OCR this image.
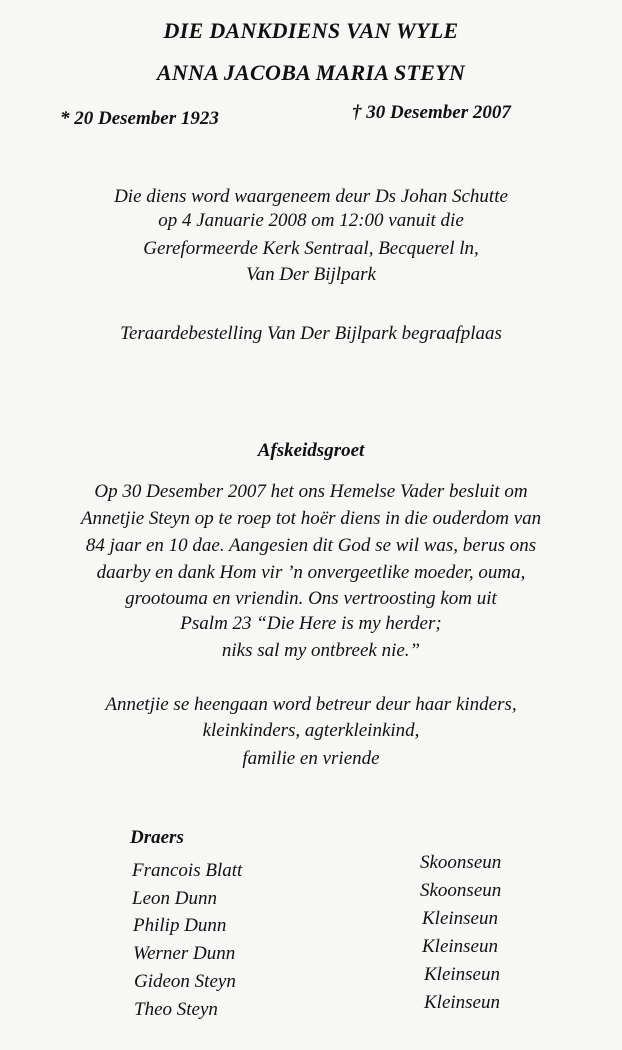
DIE DANKDIENS VAN WYLE
ANNA JACOBA MARIA STEYN
* 20 Desember 1923	† 30 Desember 2007
Die diens word waargeneem deur Ds Johan Schutte
op 4 Januarie 2008 om 12:00 vanuit die
Gereformeerde Kerk Sentraal, Becquerel ln,
Van Der Bijlpark
Teraardebestelling Van Der Bijlpark begraafplaas
Afskeidsgroet
Op 30 Desember 2007 het ons Hemelse Vader besluit om
Annetjie Steyn op te roep tot hoër diens in die ouderdom van
84 jaar en 10 dae. Aangesien dit God se wil was, berus ons
daarby en dank Hom vir ’n onvergeetlike moeder, ouma,
grootouma en vriendin. Ons vertroosting kom uit
Psalm 23 “Die Here is my herder;
niks sal my ontbreek nie.”
Annetjie se heengaan word betreur deur haar kinders,
kleinkinders, agterkleinkind,
familie en vriende
Draers
Francois Blatt	Skoonseun
Leon Dunn	Skoonseun
Philip Dunn	Kleinseun
Werner Dunn	Kleinseun
Gideon Steyn	Kleinseun
Theo Steyn	Kleinseun
